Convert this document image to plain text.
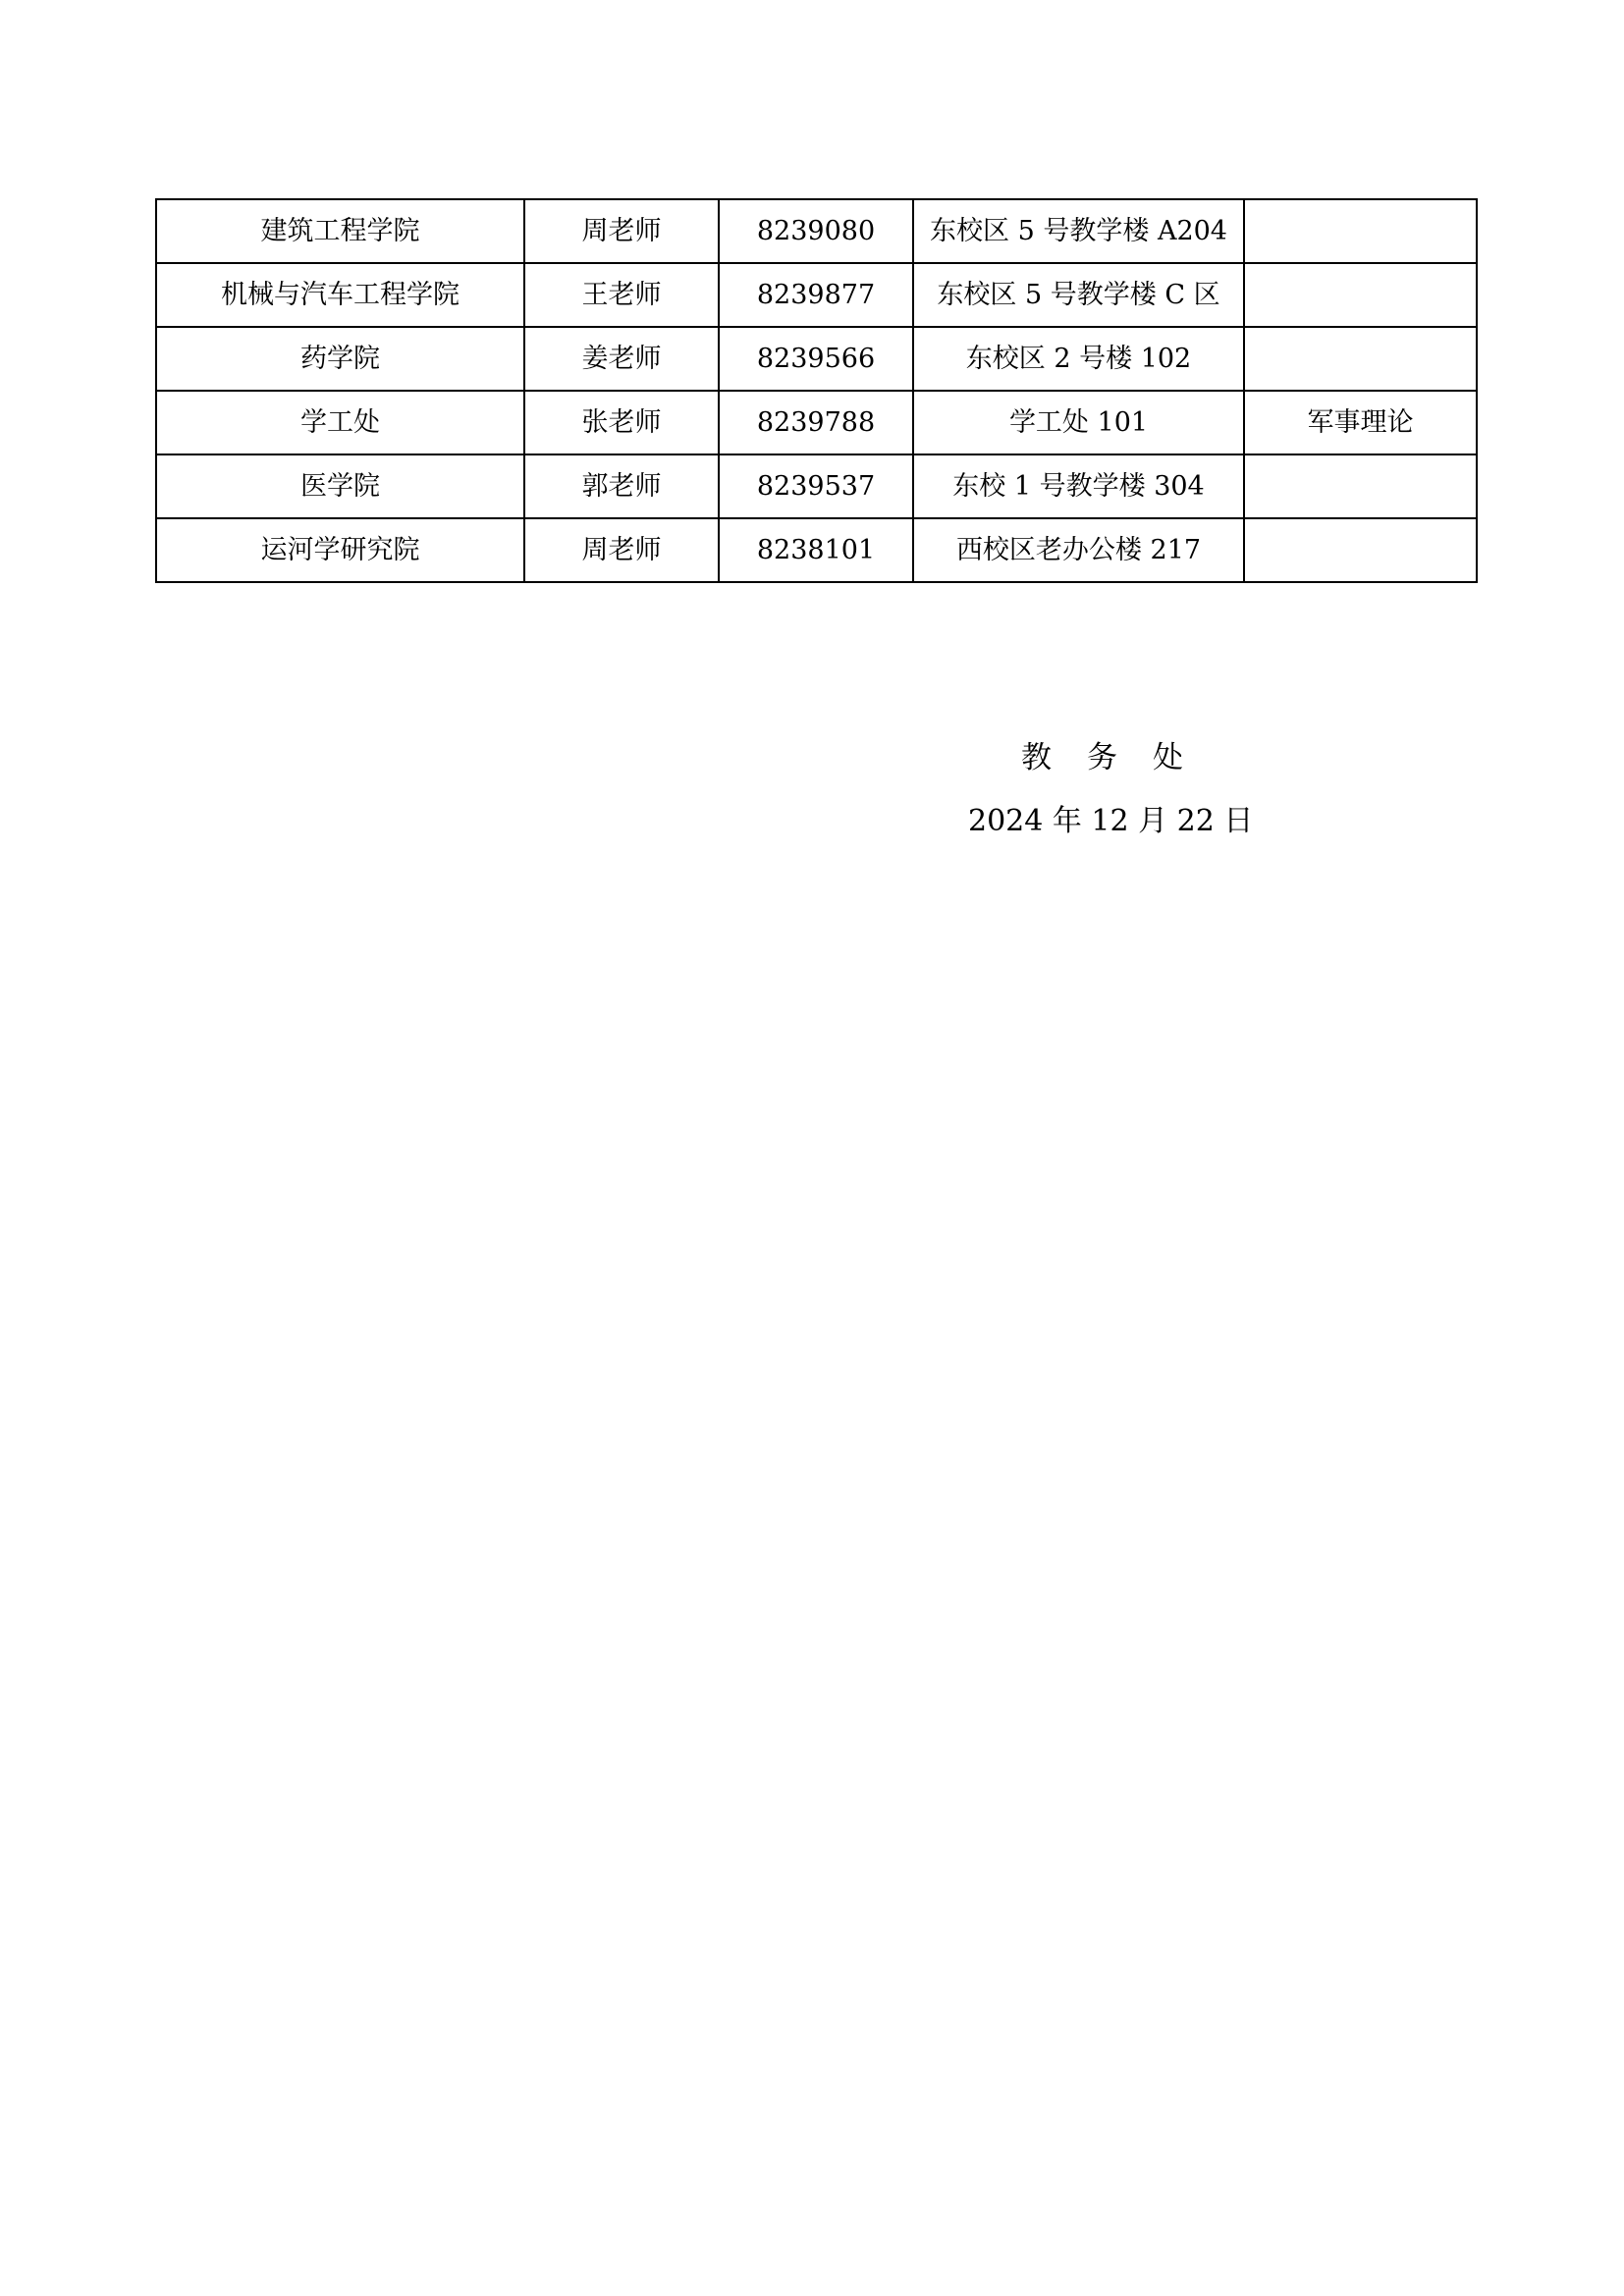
建筑工程学院	周老师	8239080	东校区 5 号教学楼 A204	
机械与汽车工程学院	王老师	8239877	东校区 5 号教学楼 C 区	
药学院	姜老师	8239566	东校区 2 号楼 102	
学工处	张老师	8239788	学工处 101	军事理论
医学院	郭老师	8239537	东校 1 号教学楼 304	
运河学研究院	周老师	8238101	西校区老办公楼 217	
教务处
2024 年 12 月 22 日
